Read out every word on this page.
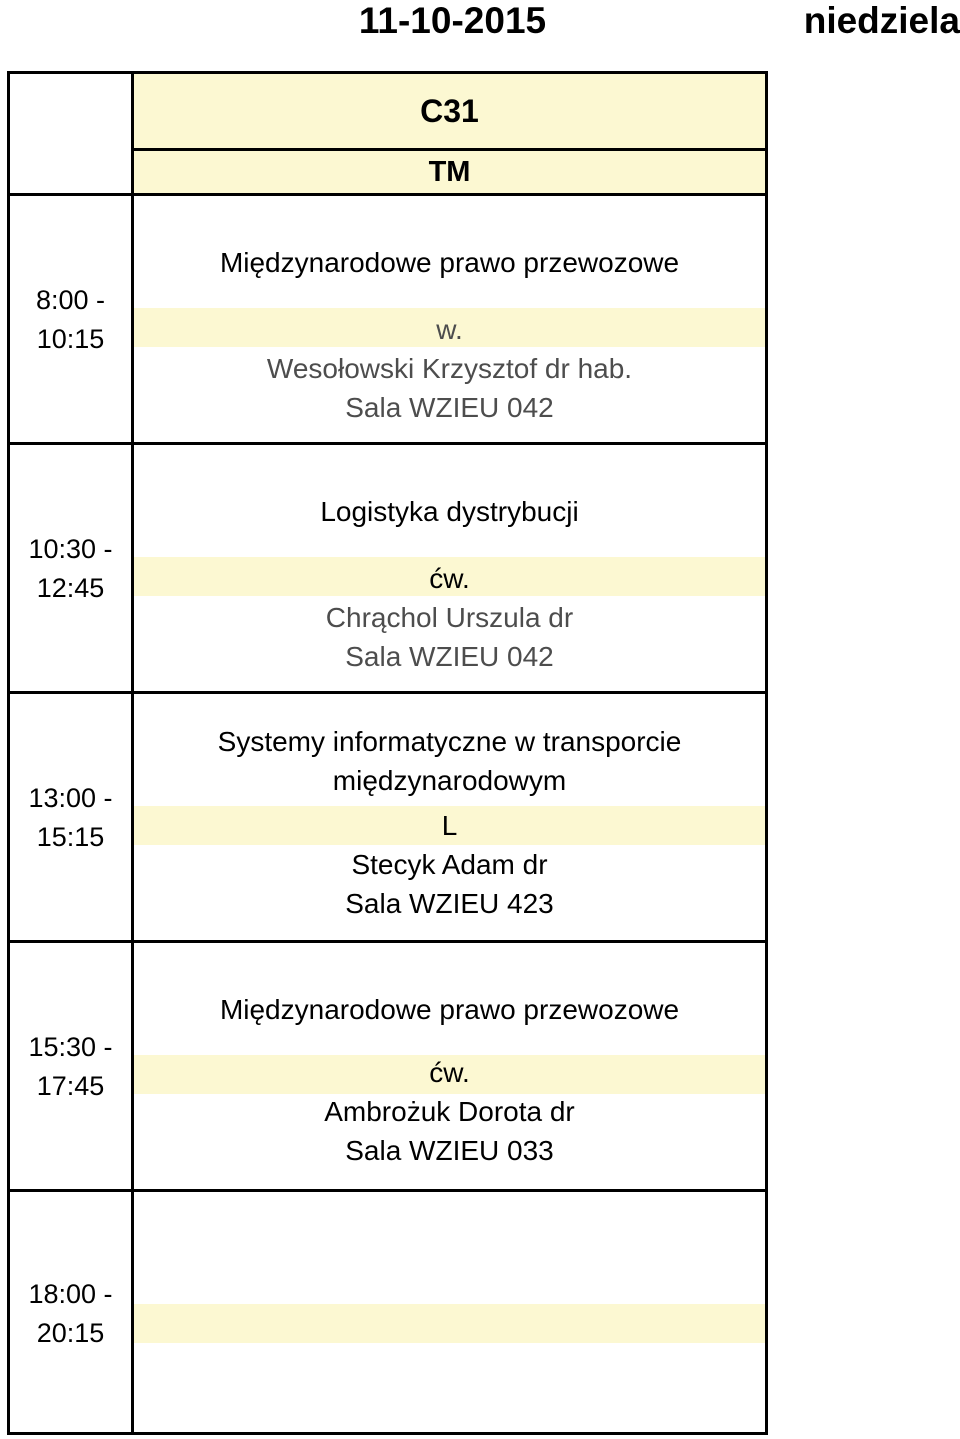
11-10-2015	niedziela
C31
TM
8:00 -
10:15
Międzynarodowe prawo przewozowe
w.
Wesołowski Krzysztof dr hab.
Sala WZIEU 042
10:30 -
12:45
Logistyka dystrybucji
ćw.
Chrąchol Urszula dr
Sala WZIEU 042
13:00 -
15:15
Systemy informatyczne w transporcie
międzynarodowym
L
Stecyk Adam dr
Sala WZIEU 423
15:30 -
17:45
Międzynarodowe prawo przewozowe
ćw.
Ambrożuk Dorota dr
Sala WZIEU 033
18:00 -
20:15
